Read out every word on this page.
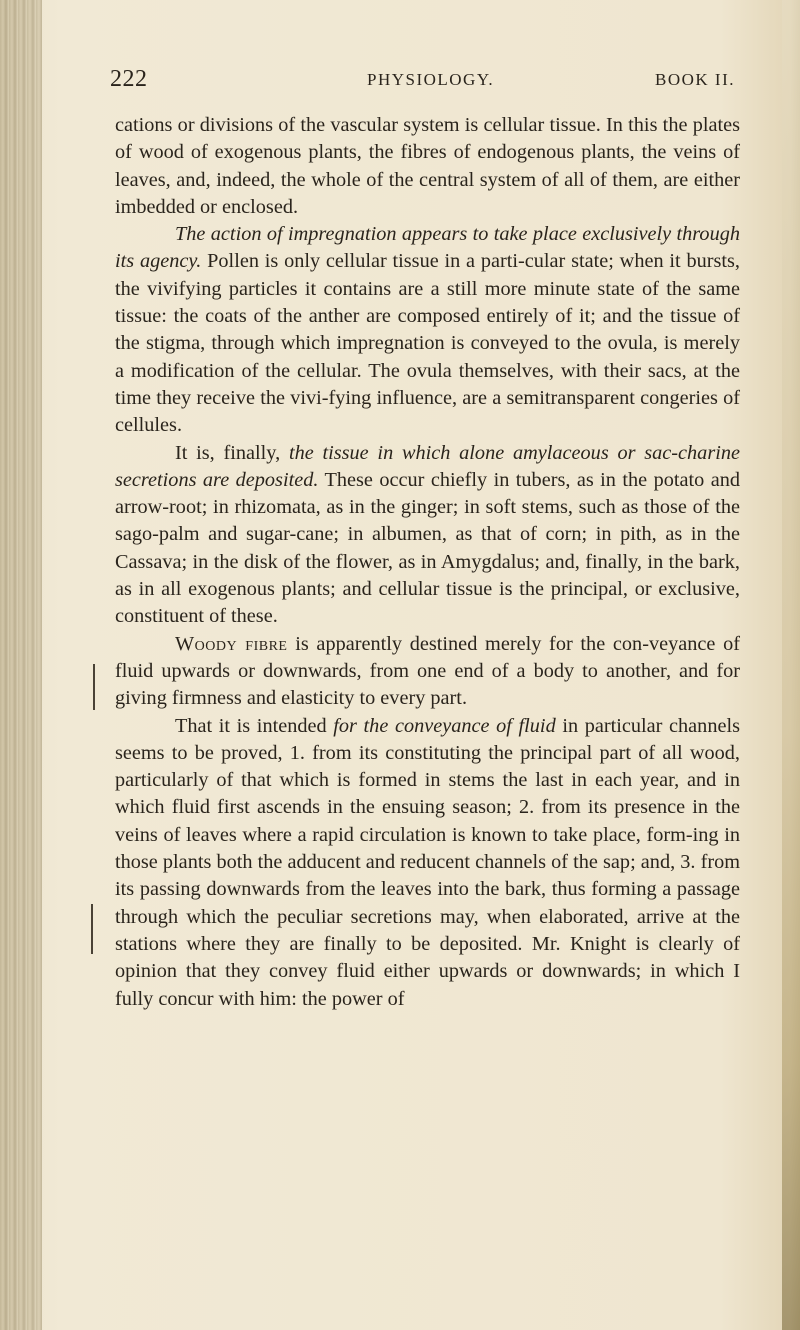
222	PHYSIOLOGY.	BOOK II.

cations or divisions of the vascular system is cellular tissue. In this the plates of wood of exogenous plants, the fibres of endogenous plants, the veins of leaves, and, indeed, the whole of the central system of all of them, are either imbedded or enclosed.

The action of impregnation appears to take place exclusively through its agency. Pollen is only cellular tissue in a parti-cular state; when it bursts, the vivifying particles it contains are a still more minute state of the same tissue: the coats of the anther are composed entirely of it; and the tissue of the stigma, through which impregnation is conveyed to the ovula, is merely a modification of the cellular. The ovula themselves, with their sacs, at the time they receive the vivi-fying influence, are a semitransparent congeries of cellules.

It is, finally, the tissue in which alone amylaceous or sac-charine secretions are deposited. These occur chiefly in tubers, as in the potato and arrow-root; in rhizomata, as in the ginger; in soft stems, such as those of the sago-palm and sugar-cane; in albumen, as that of corn; in pith, as in the Cassava; in the disk of the flower, as in Amygdalus; and, finally, in the bark, as in all exogenous plants; and cellular tissue is the principal, or exclusive, constituent of these.

Woody fibre is apparently destined merely for the con-veyance of fluid upwards or downwards, from one end of a body to another, and for giving firmness and elasticity to every part.

That it is intended for the conveyance of fluid in particular channels seems to be proved, 1. from its constituting the principal part of all wood, particularly of that which is formed in stems the last in each year, and in which fluid first ascends in the ensuing season; 2. from its presence in the veins of leaves where a rapid circulation is known to take place, form-ing in those plants both the adducent and reducent channels of the sap; and, 3. from its passing downwards from the leaves into the bark, thus forming a passage through which the peculiar secretions may, when elaborated, arrive at the stations where they are finally to be deposited. Mr. Knight is clearly of opinion that they convey fluid either upwards or downwards; in which I fully concur with him: the power of
